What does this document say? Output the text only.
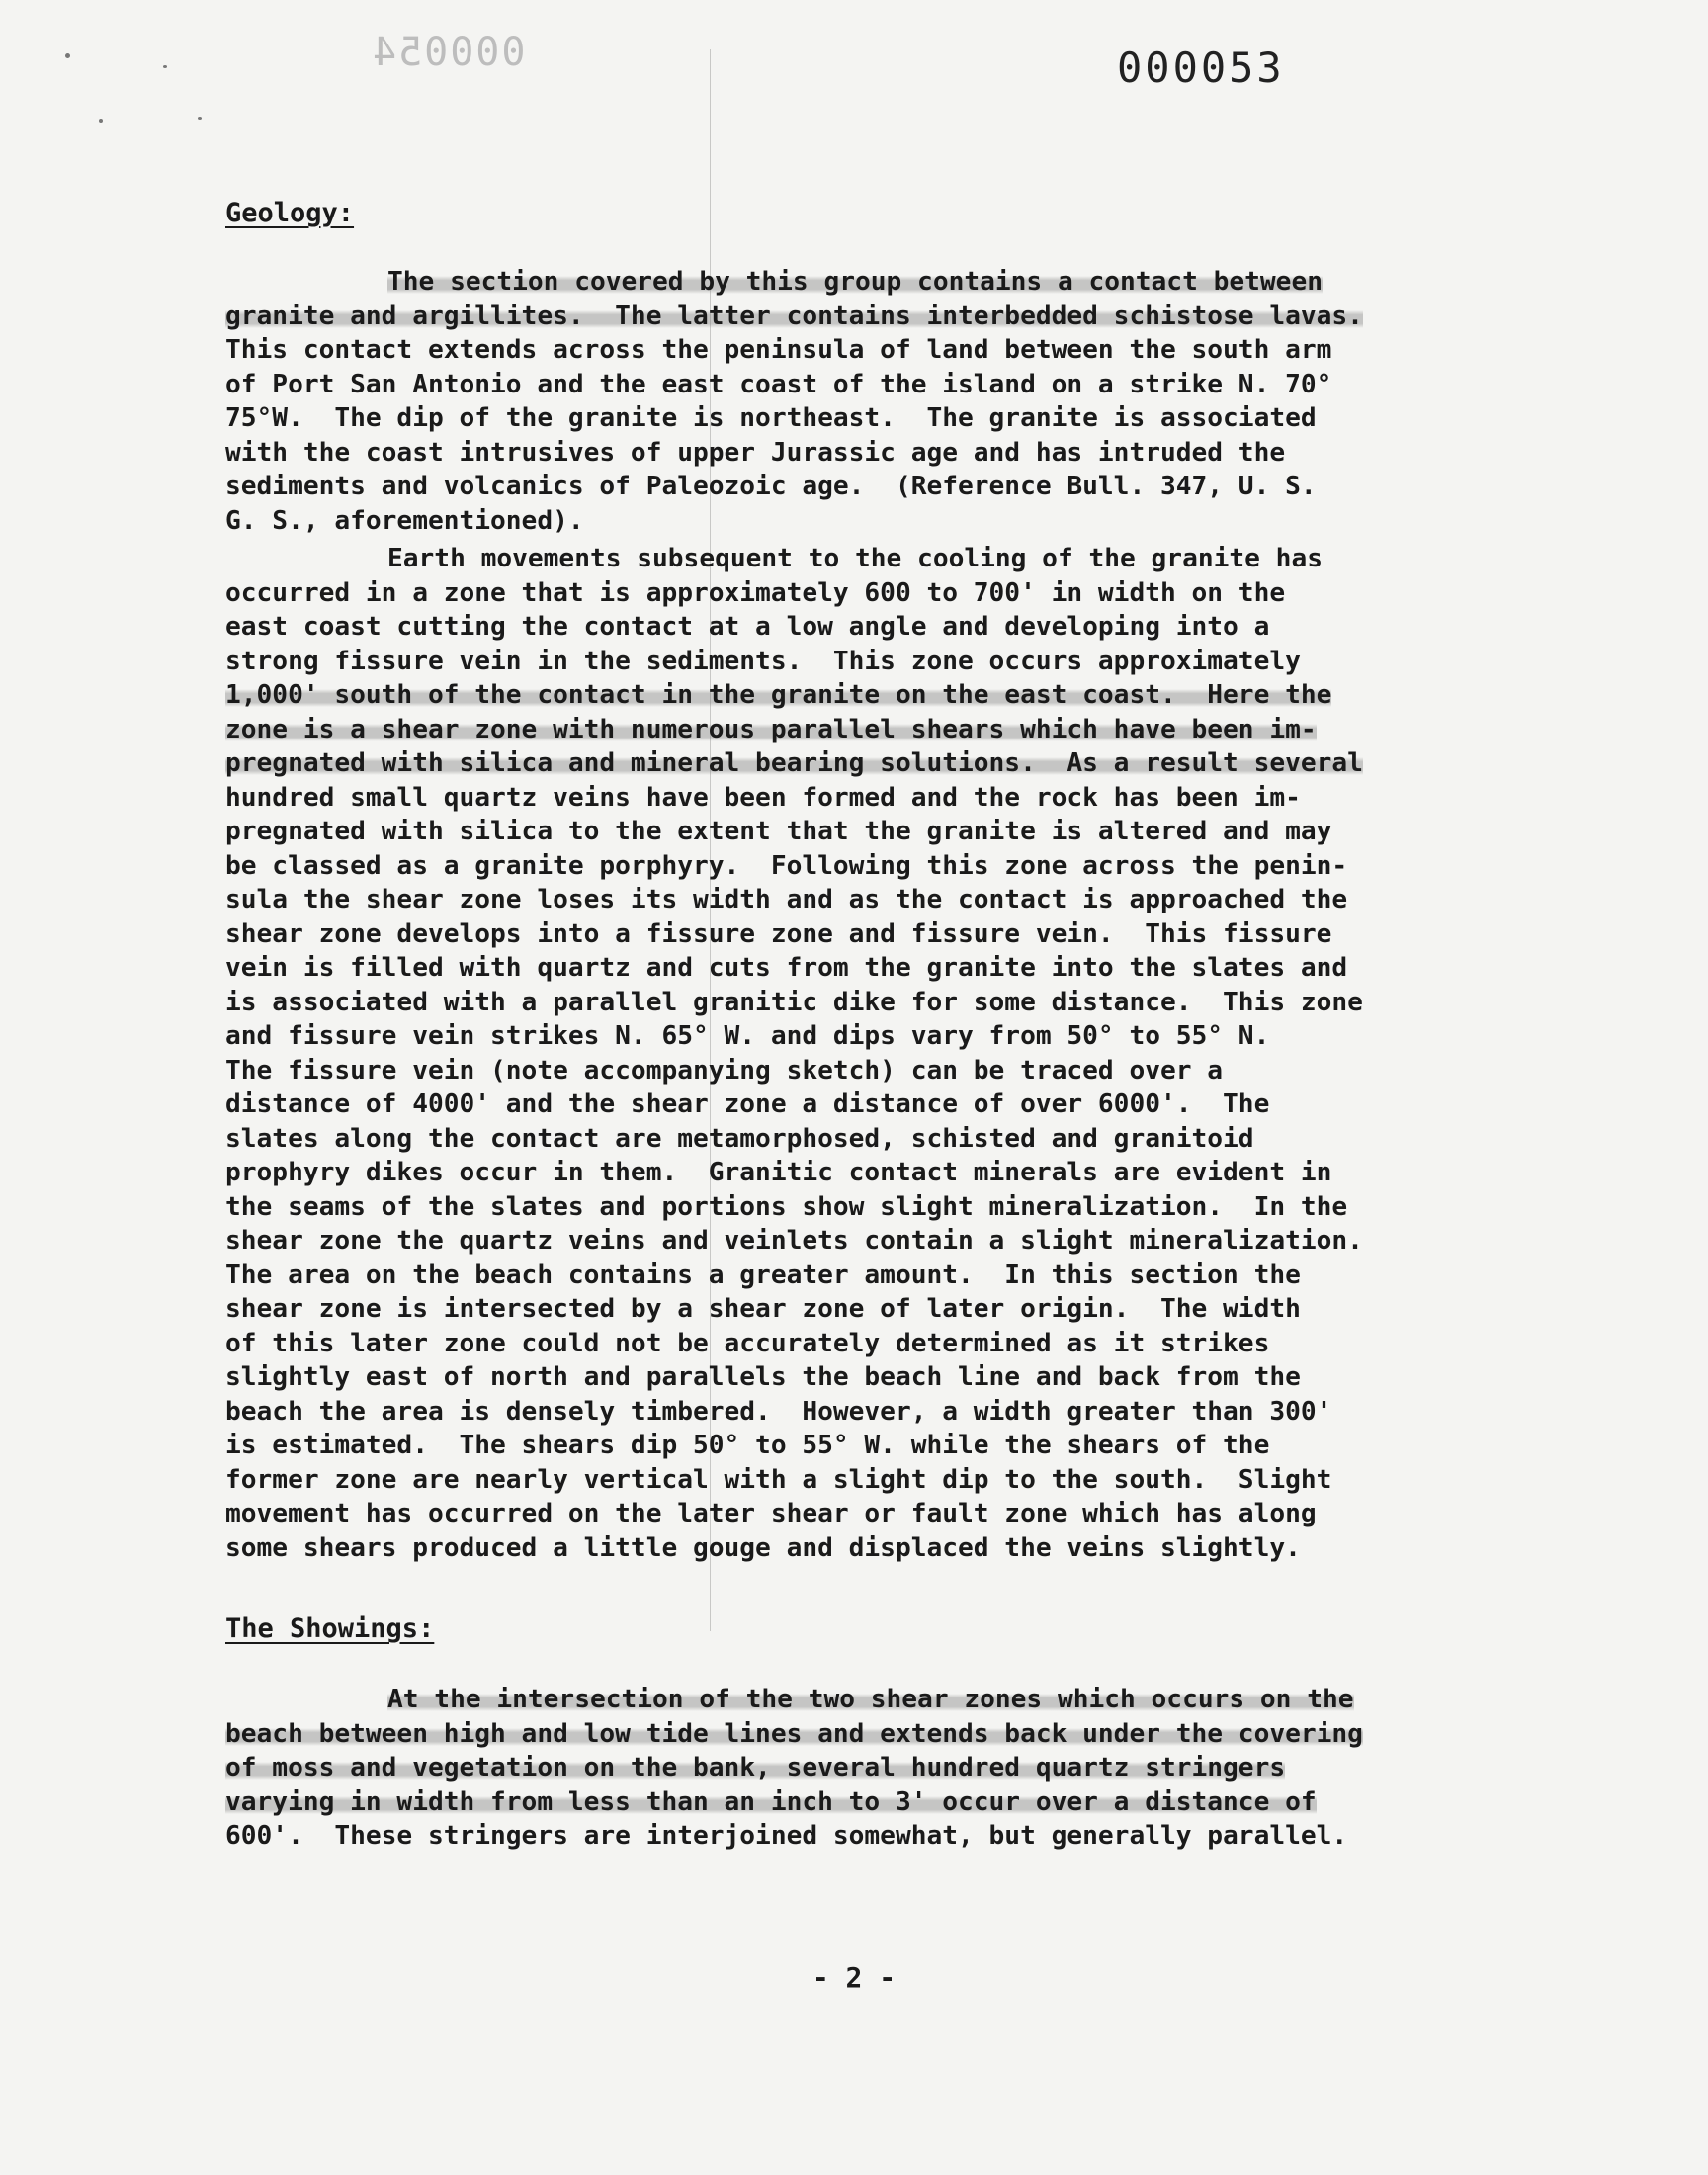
000054	000053
Geology:
The section covered by this group contains a contact between
granite and argillites.  The latter contains interbedded schistose lavas.
This contact extends across the peninsula of land between the south arm
of Port San Antonio and the east coast of the island on a strike N. 70°
75°W.  The dip of the granite is northeast.  The granite is associated
with the coast intrusives of upper Jurassic age and has intruded the
sediments and volcanics of Paleozoic age.  (Reference Bull. 347, U. S.
G. S., aforementioned).
Earth movements subsequent to the cooling of the granite has
occurred in a zone that is approximately 600 to 700' in width on the
east coast cutting the contact at a low angle and developing into a
strong fissure vein in the sediments.  This zone occurs approximately
1,000' south of the contact in the granite on the east coast.  Here the
zone is a shear zone with numerous parallel shears which have been im-
pregnated with silica and mineral bearing solutions.  As a result several
hundred small quartz veins have been formed and the rock has been im-
pregnated with silica to the extent that the granite is altered and may
be classed as a granite porphyry.  Following this zone across the penin-
sula the shear zone loses its width and as the contact is approached the
shear zone develops into a fissure zone and fissure vein.  This fissure
vein is filled with quartz and cuts from the granite into the slates and
is associated with a parallel granitic dike for some distance.  This zone
and fissure vein strikes N. 65° W. and dips vary from 50° to 55° N.
The fissure vein (note accompanying sketch) can be traced over a
distance of 4000' and the shear zone a distance of over 6000'.  The
slates along the contact are metamorphosed, schisted and granitoid
prophyry dikes occur in them.  Granitic contact minerals are evident in
the seams of the slates and portions show slight mineralization.  In the
shear zone the quartz veins and veinlets contain a slight mineralization.
The area on the beach contains a greater amount.  In this section the
shear zone is intersected by a shear zone of later origin.  The width
of this later zone could not be accurately determined as it strikes
slightly east of north and parallels the beach line and back from the
beach the area is densely timbered.  However, a width greater than 300'
is estimated.  The shears dip 50° to 55° W. while the shears of the
former zone are nearly vertical with a slight dip to the south.  Slight
movement has occurred on the later shear or fault zone which has along
some shears produced a little gouge and displaced the veins slightly.
The Showings:
At the intersection of the two shear zones which occurs on the
beach between high and low tide lines and extends back under the covering
of moss and vegetation on the bank, several hundred quartz stringers
varying in width from less than an inch to 3' occur over a distance of
600'.  These stringers are interjoined somewhat, but generally parallel.
- 2 -
